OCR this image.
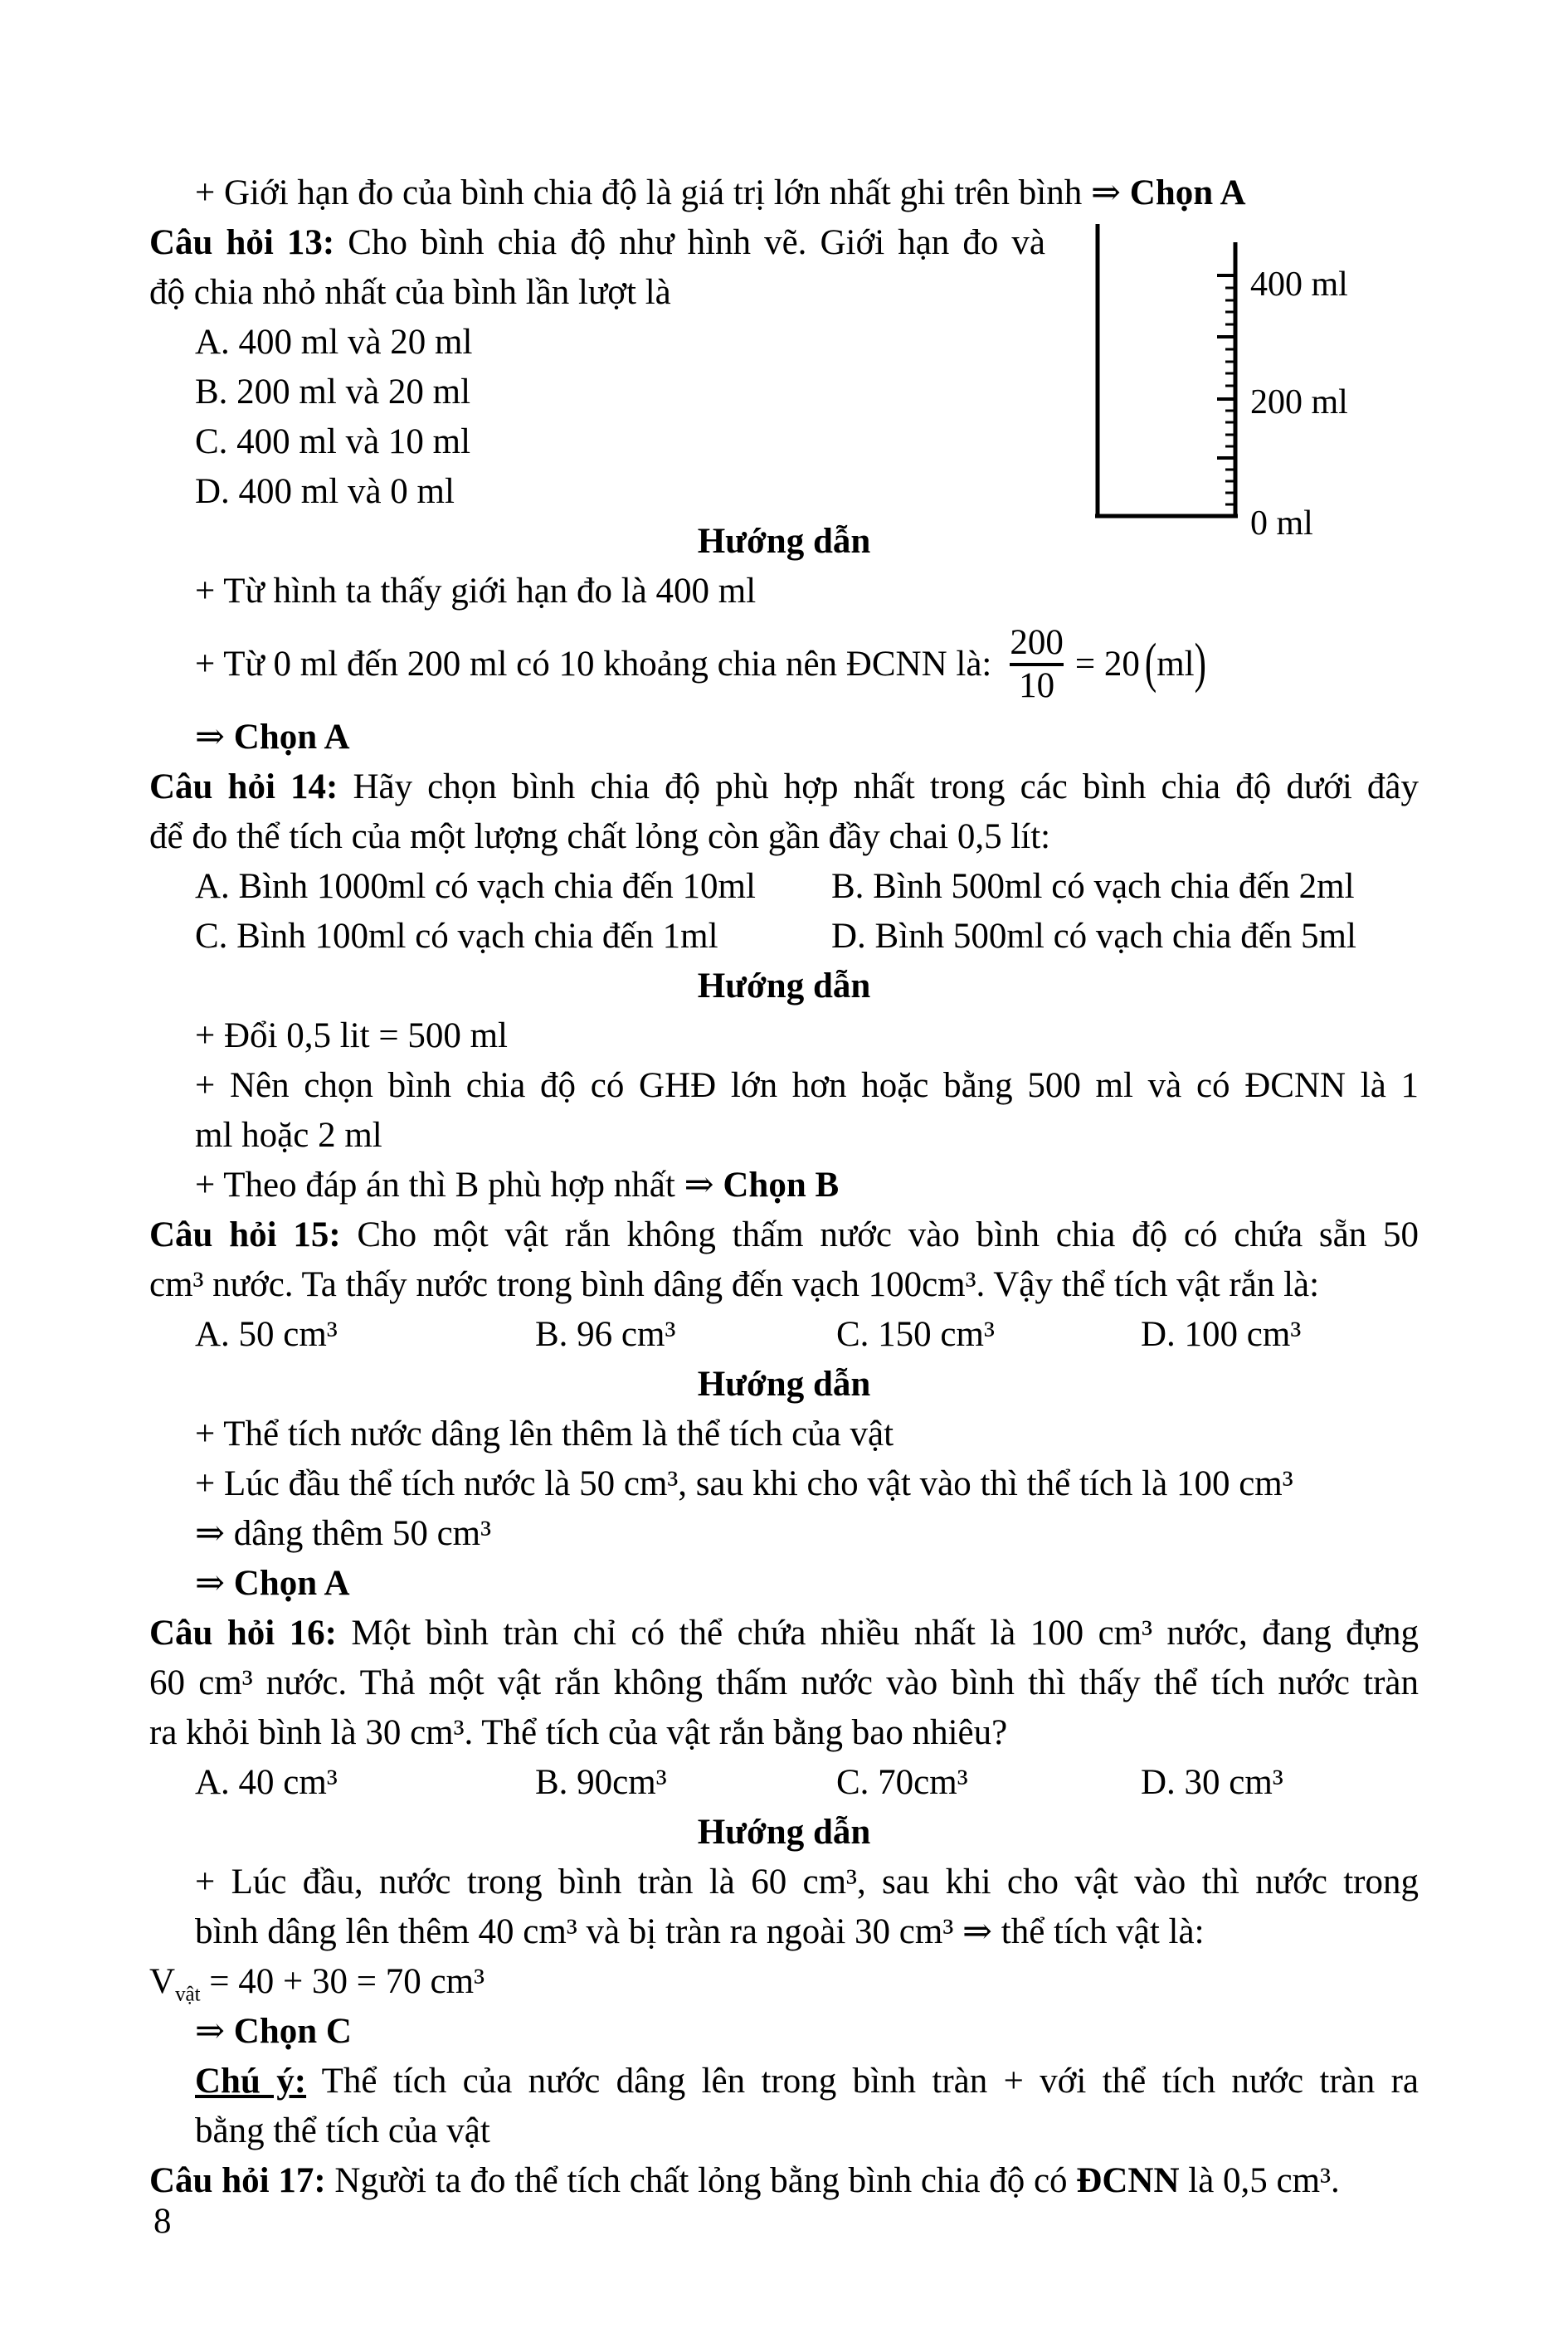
400 ml
200 ml
0 ml
+ Giới hạn đo của bình chia độ là giá trị lớn nhất ghi trên bình ⇒ Chọn A
Câu hỏi 13: Cho bình chia độ như hình vẽ. Giới hạn đo và
độ chia nhỏ nhất của bình lần lượt là
A. 400 ml và 20 ml
B. 200 ml và 20 ml
C. 400 ml và 10 ml
D. 400 ml và 0 ml
Hướng dẫn
+ Từ hình ta thấy giới hạn đo là 400 ml
+ Từ 0 ml đến 200 ml có 10 khoảng chia nên ĐCNN là: $\frac{200}{10} = 20$ ( ml )
⇒ Chọn A
Câu hỏi 14: Hãy chọn bình chia độ phù hợp nhất trong các bình chia độ dưới đây
để đo thể tích của một lượng chất lỏng còn gần đầy chai 0,5 lít:
A. Bình 1000ml có vạch chia đến 10ml B. Bình 500ml có vạch chia đến 2ml
C. Bình 100ml có vạch chia đến 1ml	D. Bình 500ml có vạch chia đến 5ml
Hướng dẫn
+ Đổi 0,5 lit = 500 ml
+ Nên chọn bình chia độ có GHĐ lớn hơn hoặc bằng 500 ml và có ĐCNN là 1
ml hoặc 2 ml
+ Theo đáp án thì B phù hợp nhất ⇒ Chọn B
Câu hỏi 15: Cho một vật rắn không thấm nước vào bình chia độ có chứa sẵn 50
cm³ nước. Ta thấy nước trong bình dâng đến vạch 100cm³. Vậy thể tích vật rắn là:
A. 50 cm³	B. 96 cm³	C. 150 cm³	D. 100 cm³
Hướng dẫn
+ Thể tích nước dâng lên thêm là thể tích của vật
+ Lúc đầu thể tích nước là 50 cm³, sau khi cho vật vào thì thể tích là 100 cm³
⇒ dâng thêm 50 cm³
⇒ Chọn A
Câu hỏi 16: Một bình tràn chỉ có thể chứa nhiều nhất là 100 cm³ nước, đang đựng
60 cm³ nước. Thả một vật rắn không thấm nước vào bình thì thấy thể tích nước tràn
ra khỏi bình là 30 cm³. Thể tích của vật rắn bằng bao nhiêu?
A. 40 cm³	B. 90cm³	C. 70cm³	D. 30 cm³
Hướng dẫn
+ Lúc đầu, nước trong bình tràn là 60 cm³, sau khi cho vật vào thì nước trong
bình dâng lên thêm 40 cm³ và bị tràn ra ngoài 30 cm³ ⇒ thể tích vật là:
$V_{vật} = 40 + 30 = 70$ cm³
⇒ Chọn C
Chú ý: Thể tích của nước dâng lên trong bình tràn + với thể tích nước tràn ra
bằng thể tích của vật
Câu hỏi 17: Người ta đo thể tích chất lỏng bằng bình chia độ có ĐCNN là 0,5 cm³.
8
